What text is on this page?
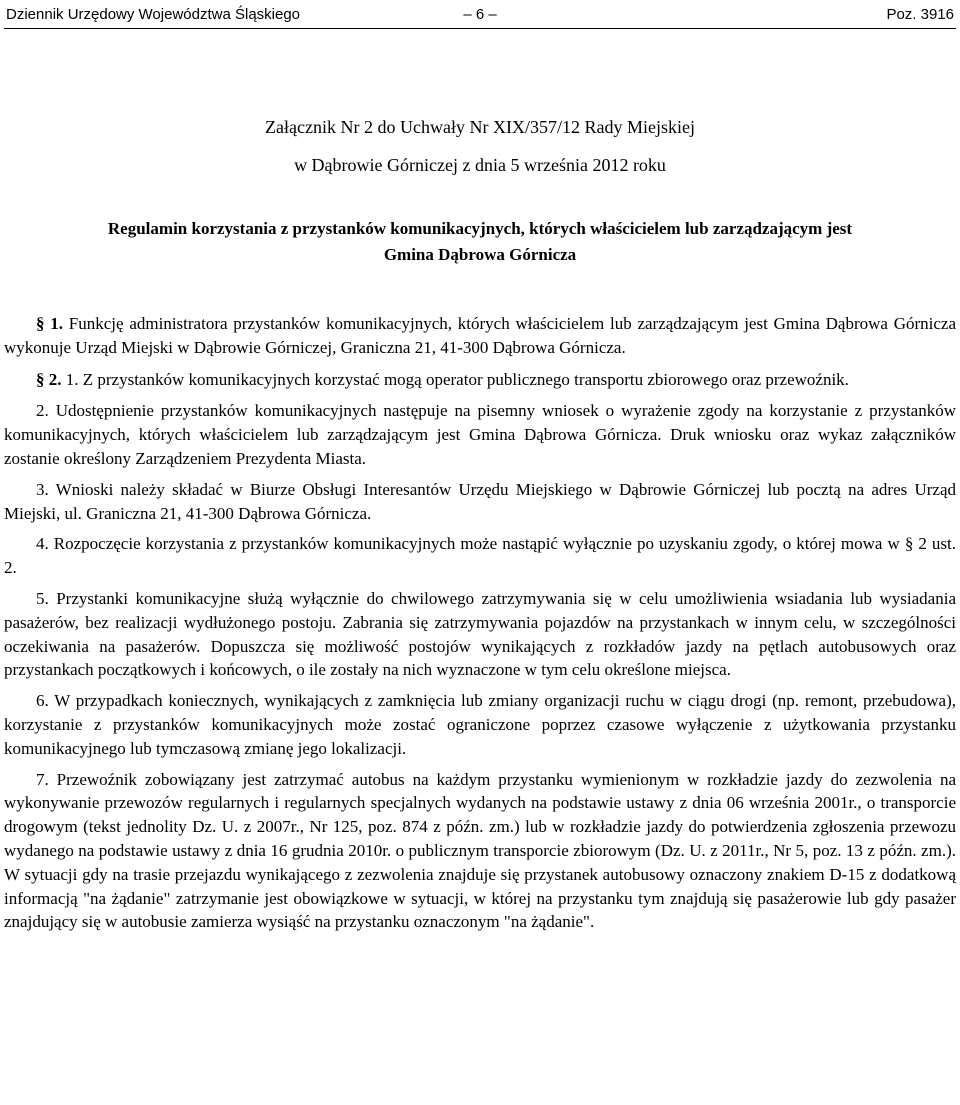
Dziennik Urzędowy Województwa Śląskiego	– 6 –	Poz. 3916
Załącznik Nr 2 do Uchwały Nr XIX/357/12 Rady Miejskiej
w Dąbrowie Górniczej z dnia 5 września 2012 roku
Regulamin korzystania z przystanków komunikacyjnych, których właścicielem lub zarządzającym jest
Gmina Dąbrowa Górnicza

§ 1. Funkcję administratora przystanków komunikacyjnych, których właścicielem lub zarządzającym jest Gmina Dąbrowa Górnicza wykonuje Urząd Miejski w Dąbrowie Górniczej, Graniczna 21, 41-300 Dąbrowa Górnicza.

§ 2. 1. Z przystanków komunikacyjnych korzystać mogą operator publicznego transportu zbiorowego oraz przewoźnik.

2. Udostępnienie przystanków komunikacyjnych następuje na pisemny wniosek o wyrażenie zgody na korzystanie z przystanków komunikacyjnych, których właścicielem lub zarządzającym jest Gmina Dąbrowa Górnicza. Druk wniosku oraz wykaz załączników zostanie określony Zarządzeniem Prezydenta Miasta.

3. Wnioski należy składać w Biurze Obsługi Interesantów Urzędu Miejskiego w Dąbrowie Górniczej lub pocztą na adres Urząd Miejski, ul. Graniczna 21, 41-300 Dąbrowa Górnicza.

4. Rozpoczęcie korzystania z przystanków komunikacyjnych może nastąpić wyłącznie po uzyskaniu zgody, o której mowa w § 2 ust. 2.

5. Przystanki komunikacyjne służą wyłącznie do chwilowego zatrzymywania się w celu umożliwienia wsiadania lub wysiadania pasażerów, bez realizacji wydłużonego postoju. Zabrania się zatrzymywania pojazdów na przystankach w innym celu, w szczególności oczekiwania na pasażerów. Dopuszcza się możliwość postojów wynikających z rozkładów jazdy na pętlach autobusowych oraz przystankach początkowych i końcowych, o ile zostały na nich wyznaczone w tym celu określone miejsca.

6. W przypadkach koniecznych, wynikających z zamknięcia lub zmiany organizacji ruchu w ciągu drogi (np. remont, przebudowa), korzystanie z przystanków komunikacyjnych może zostać ograniczone poprzez czasowe wyłączenie z użytkowania przystanku komunikacyjnego lub tymczasową zmianę jego lokalizacji.

7. Przewoźnik zobowiązany jest zatrzymać autobus na każdym przystanku wymienionym w rozkładzie jazdy do zezwolenia na wykonywanie przewozów regularnych i regularnych specjalnych wydanych na podstawie ustawy z dnia 06 września 2001r., o transporcie drogowym (tekst jednolity Dz. U. z 2007r., Nr 125, poz. 874 z późn. zm.) lub w rozkładzie jazdy do potwierdzenia zgłoszenia przewozu wydanego na podstawie ustawy z dnia 16 grudnia 2010r. o publicznym transporcie zbiorowym (Dz. U. z 2011r., Nr 5, poz. 13 z późn. zm.). W sytuacji gdy na trasie przejazdu wynikającego z zezwolenia znajduje się przystanek autobusowy oznaczony znakiem D-15 z dodatkową informacją "na żądanie" zatrzymanie jest obowiązkowe w sytuacji, w której na przystanku tym znajdują się pasażerowie lub gdy pasażer znajdujący się w autobusie zamierza wysiąść na przystanku oznaczonym "na żądanie".
